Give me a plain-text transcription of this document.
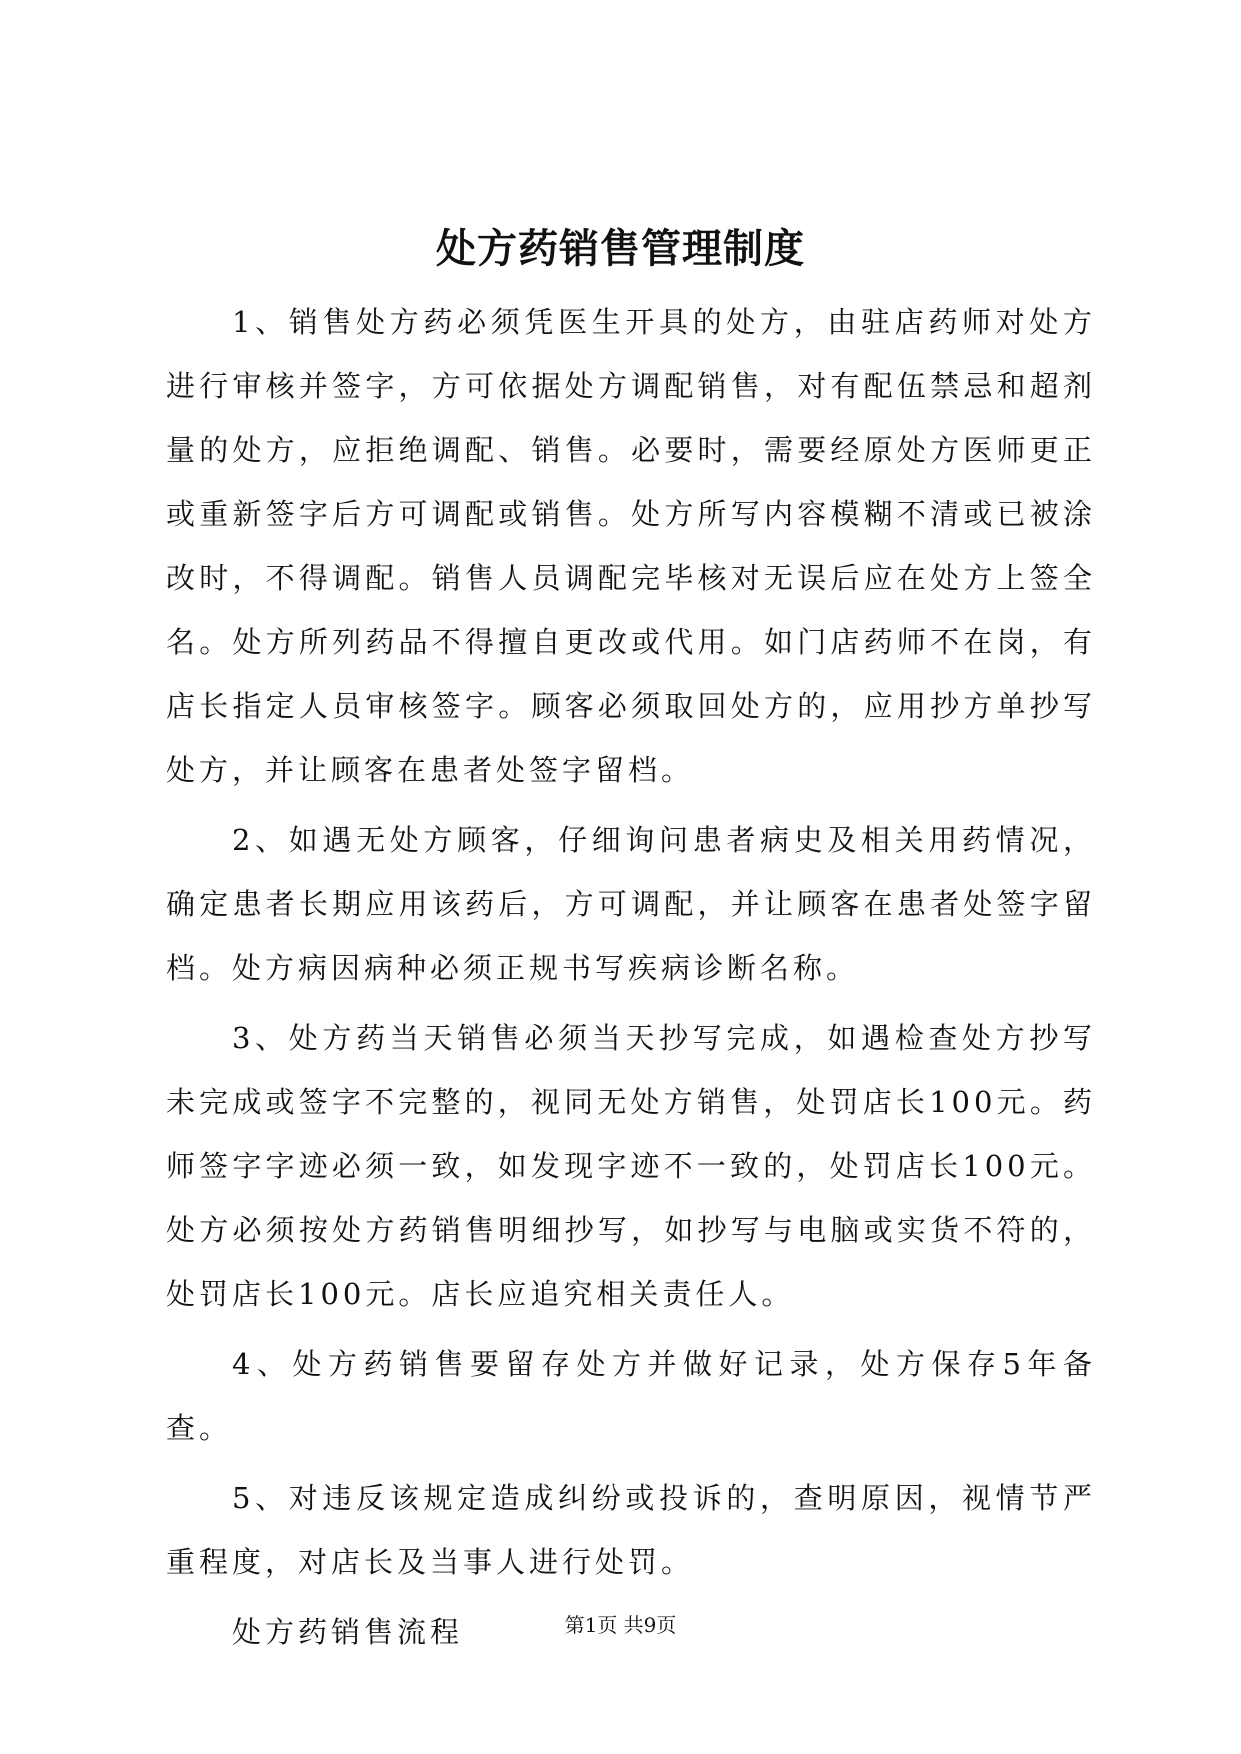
处方药销售管理制度

1、销售处方药必须凭医生开具的处方，由驻店药师对处方进行审核并签字，方可依据处方调配销售，对有配伍禁忌和超剂量的处方，应拒绝调配、销售。必要时，需要经原处方医师更正或重新签字后方可调配或销售。处方所写内容模糊不清或已被涂改时，不得调配。销售人员调配完毕核对无误后应在处方上签全名。处方所列药品不得擅自更改或代用。如门店药师不在岗，有店长指定人员审核签字。顾客必须取回处方的，应用抄方单抄写处方，并让顾客在患者处签字留档。

2、如遇无处方顾客，仔细询问患者病史及相关用药情况，确定患者长期应用该药后，方可调配，并让顾客在患者处签字留档。处方病因病种必须正规书写疾病诊断名称。

3、处方药当天销售必须当天抄写完成，如遇检查处方抄写未完成或签字不完整的，视同无处方销售，处罚店长100元。药师签字字迹必须一致，如发现字迹不一致的，处罚店长100元。处方必须按处方药销售明细抄写，如抄写与电脑或实货不符的，处罚店长100元。店长应追究相关责任人。

4、处方药销售要留存处方并做好记录，处方保存5年备查。

5、对违反该规定造成纠纷或投诉的，查明原因，视情节严重程度，对店长及当事人进行处罚。

处方药销售流程	第1页 共9页
